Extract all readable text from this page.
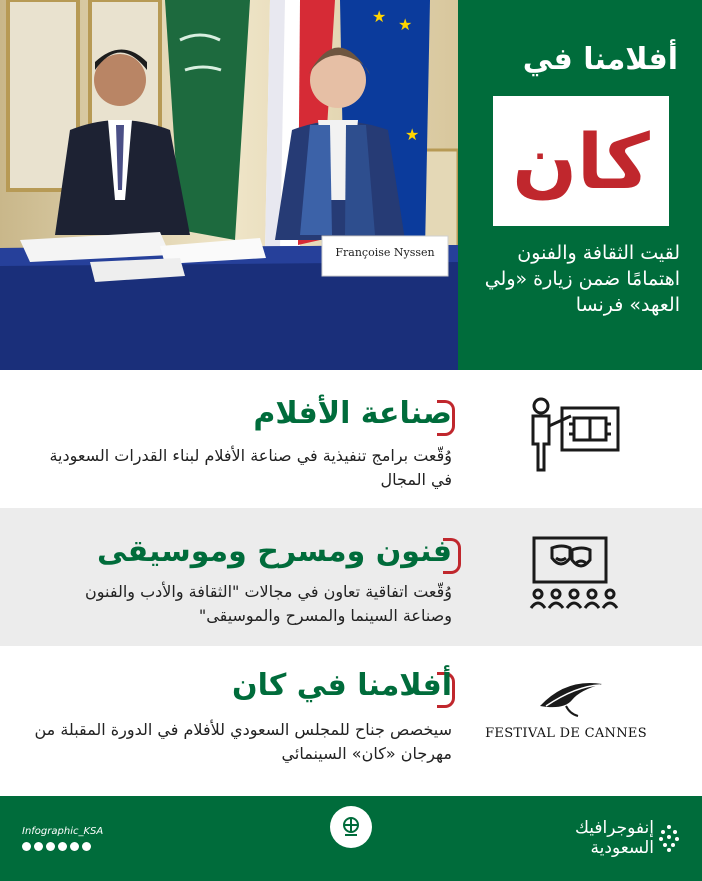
★ ★
★
Françoise Nyssen
أفلامنا في
كان
لقيت الثقافة والفنون اهتمامًا ضمن زيارة «ولي العهد» فرنسا
صناعة الأفلام
وُقّعت برامج تنفيذية في صناعة الأفلام لبناء القدرات السعودية في المجال
فنون ومسرح وموسيقى
وُقّعت اتفاقية تعاون في مجالات "الثقافة والأدب والفنون وصناعة السينما والمسرح والموسيقى"
أفلامنا في كان
سيخصص جناح للمجلس السعودي للأفلام في الدورة المقبلة من مهرجان «كان» السينمائي
FESTIVAL DE CANNES
Infographic_KSA	إنفوجرافيك
السعودية
